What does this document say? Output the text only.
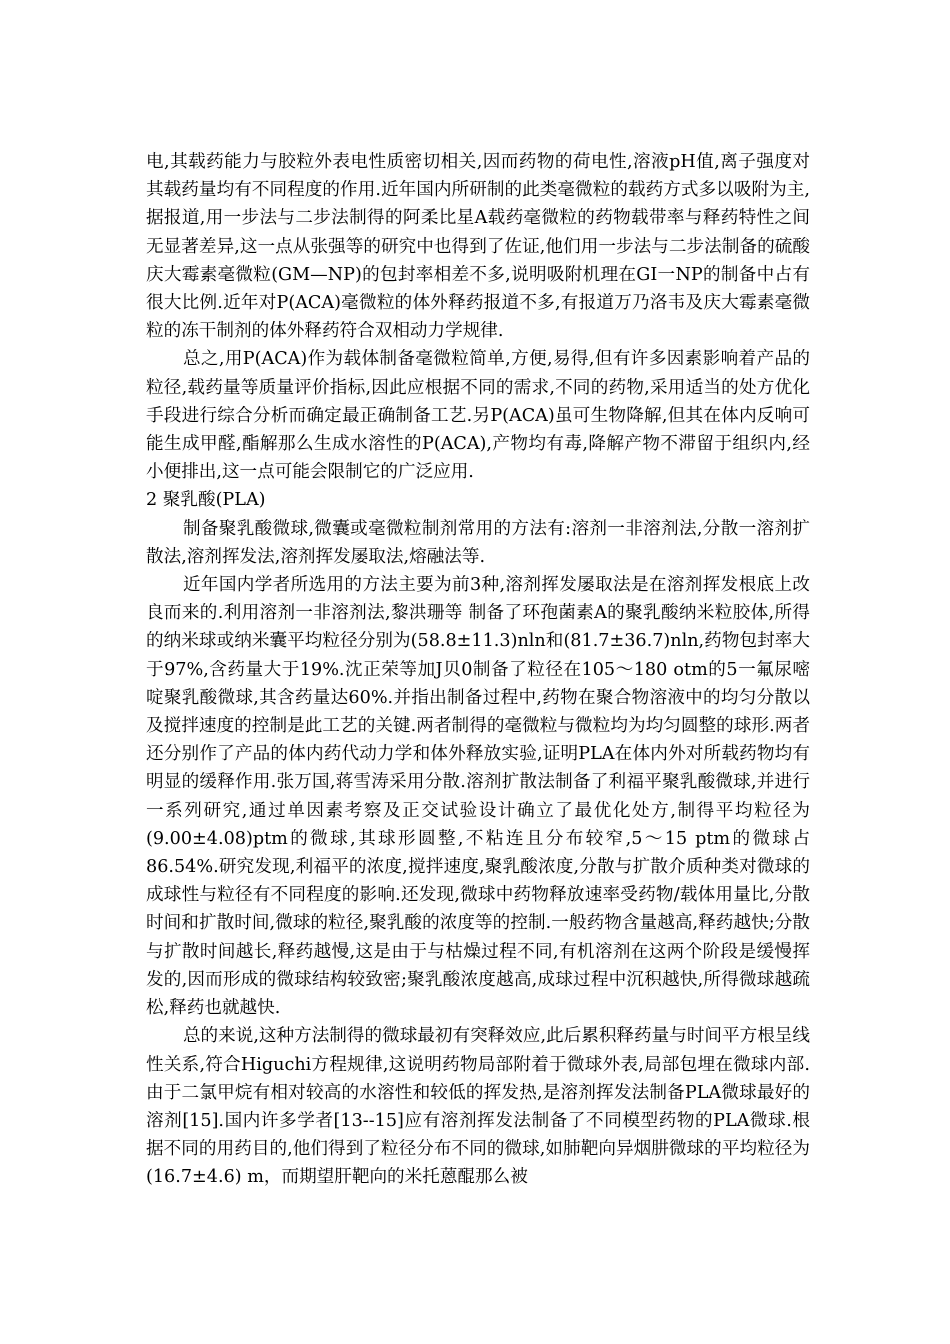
电,其载药能力与胶粒外表电性质密切相关,因而药物的荷电性,溶液pH值,离子强度对其载药量均有不同程度的作用.近年国内所研制的此类毫微粒的载药方式多以吸附为主,据报道,用一步法与二步法制得的阿柔比星A载药毫微粒的药物载带率与释药特性之间无显著差异,这一点从张强等的研究中也得到了佐证,他们用一步法与二步法制备的硫酸庆大霉素毫微粒(GM—NP)的包封率相差不多,说明吸附机理在GI一NP的制备中占有很大比例.近年对P(ACA)毫微粒的体外释药报道不多,有报道万乃洛韦及庆大霉素毫微粒的冻干制剂的体外释药符合双相动力学规律.

总之,用P(ACA)作为载体制备毫微粒简单,方便,易得,但有许多因素影响着产品的粒径,载药量等质量评价指标,因此应根据不同的需求,不同的药物,采用适当的处方优化手段进行综合分析而确定最正确制备工艺.另P(ACA)虽可生物降解,但其在体内反响可能生成甲醛,酯解那么生成水溶性的P(ACA),产物均有毒,降解产物不滞留于组织内,经小便排出,这一点可能会限制它的广泛应用.

2 聚乳酸(PLA)

制备聚乳酸微球,微囊或毫微粒制剂常用的方法有:溶剂一非溶剂法,分散一溶剂扩散法,溶剂挥发法,溶剂挥发屡取法,熔融法等.

近年国内学者所选用的方法主要为前3种,溶剂挥发屡取法是在溶剂挥发根底上改良而来的.利用溶剂一非溶剂法,黎洪珊等 制备了环孢菌素A的聚乳酸纳米粒胶体,所得的纳米球或纳米囊平均粒径分别为(58.8±11.3)nln和(81.7±36.7)nln,药物包封率大于97%,含药量大于19%.沈正荣等加J贝0制备了粒径在105～180 otm的5一氟尿嘧啶聚乳酸微球,其含药量达60%.并指出制备过程中,药物在聚合物溶液中的均匀分散以及搅拌速度的控制是此工艺的关键.两者制得的毫微粒与微粒均为均匀圆整的球形.两者还分别作了产品的体内药代动力学和体外释放实验,证明PLA在体内外对所载药物均有明显的缓释作用.张万国,蒋雪涛采用分散.溶剂扩散法制备了利福平聚乳酸微球,并进行一系列研究,通过单因素考察及正交试验设计确立了最优化处方,制得平均粒径为(9.00±4.08)ptm的微球,其球形圆整,不粘连且分布较窄,5～15 ptm的微球占86.54%.研究发现,利福平的浓度,搅拌速度,聚乳酸浓度,分散与扩散介质种类对微球的成球性与粒径有不同程度的影响.还发现,微球中药物释放速率受药物/载体用量比,分散时间和扩散时间,微球的粒径,聚乳酸的浓度等的控制.一般药物含量越高,释药越快;分散与扩散时间越长,释药越慢,这是由于与枯燥过程不同,有机溶剂在这两个阶段是缓慢挥发的,因而形成的微球结构较致密;聚乳酸浓度越高,成球过程中沉积越快,所得微球越疏松,释药也就越快.

总的来说,这种方法制得的微球最初有突释效应,此后累积释药量与时间平方根呈线性关系,符合Higuchi方程规律,这说明药物局部附着于微球外表,局部包埋在微球内部.由于二氯甲烷有相对较高的水溶性和较低的挥发热,是溶剂挥发法制备PLA微球最好的溶剂[15].国内许多学者[13--15]应有溶剂挥发法制备了不同模型药物的PLA微球.根据不同的用药目的,他们得到了粒径分布不同的微球,如肺靶向异烟肼微球的平均粒径为(16.7±4.6) m，而期望肝靶向的米托蒽醌那么被
